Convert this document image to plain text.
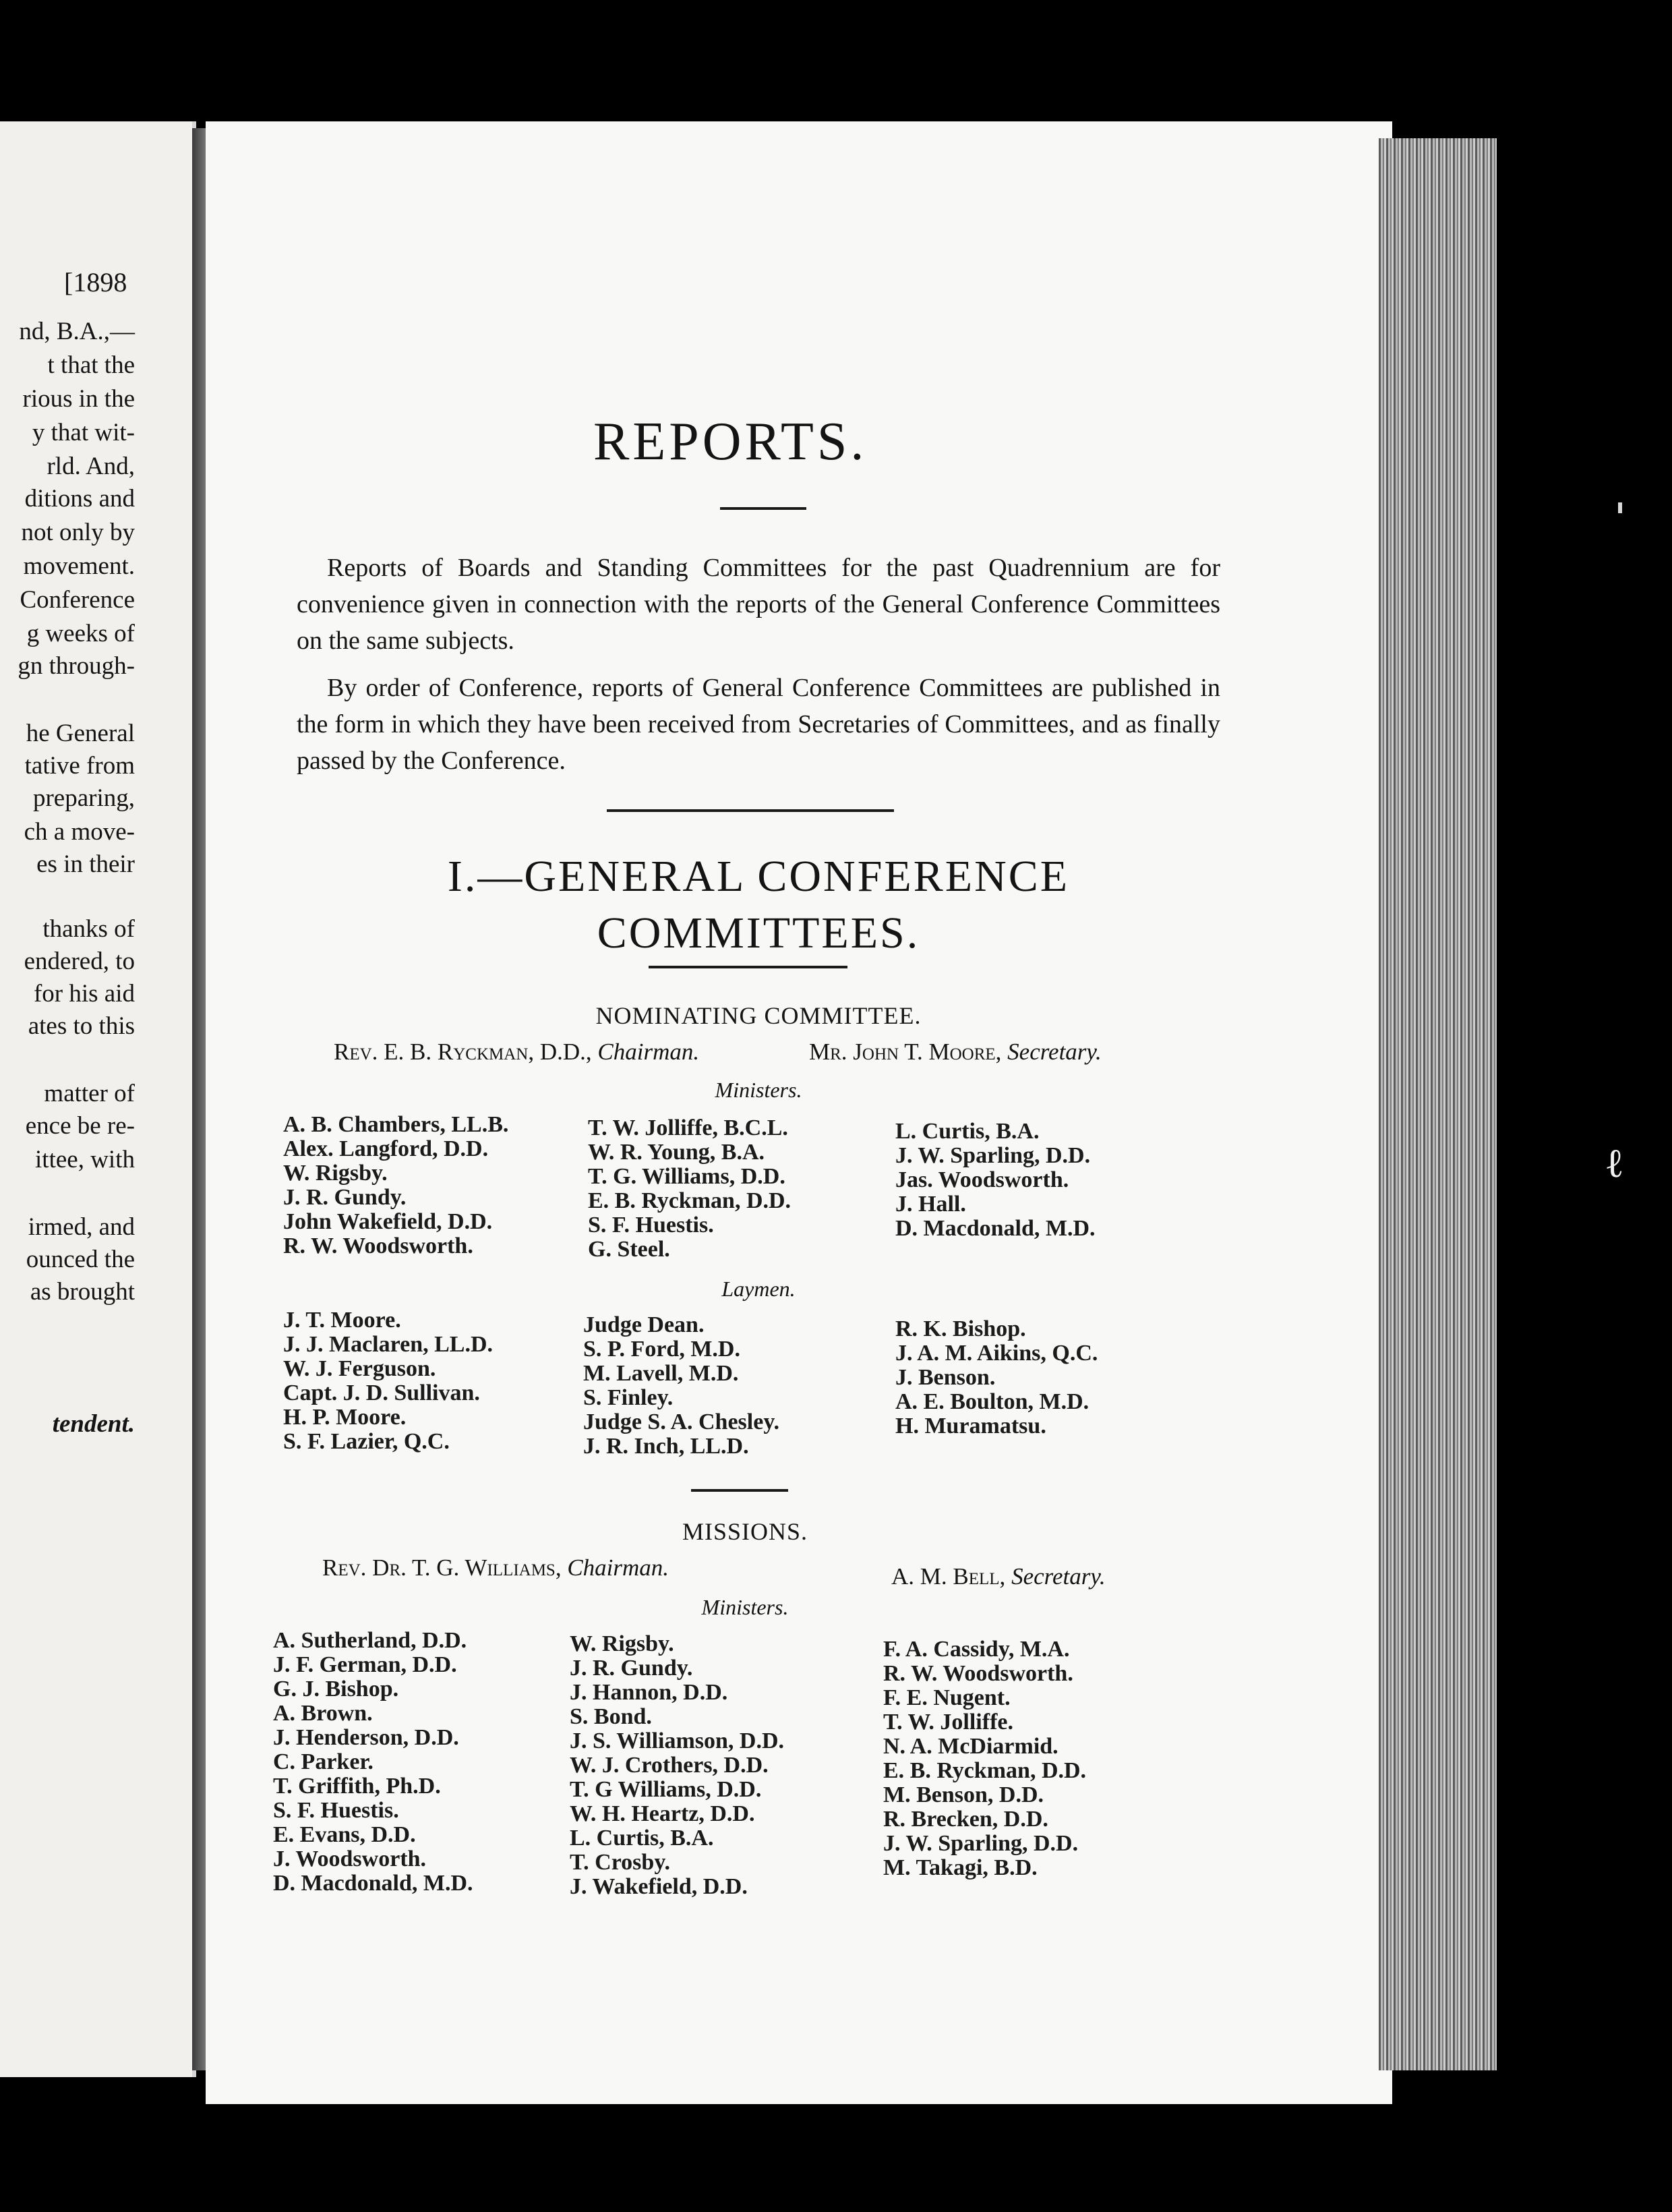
[1898
nd, B.A.,—
t that the
rious in the
y that wit-
rld. And,
ditions and
not only by
movement.
Conference
g weeks of
gn through-
he General
tative from
preparing,
ch a move-
es in their
thanks of
endered, to
for his aid
ates to this
matter of
ence be re-
ittee, with
irmed, and
ounced the
as brought
tendent.
ℓ
REPORTS.
Reports of Boards and Standing Committees for the past Quadrennium are for convenience given in connection with the reports of the General Conference Committees on the same subjects.
By order of Conference, reports of General Conference Committees are published in the form in which they have been received from Secretaries of Committees, and as finally passed by the Conference.
I.—GENERAL CONFERENCE
COMMITTEES.
NOMINATING COMMITTEE.
Rev. E. B. Ryckman, D.D., Chairman.	Mr. John T. Moore, Secretary.
Ministers.
A. B. Chambers, LL.B.
Alex. Langford, D.D.
W. Rigsby.
J. R. Gundy.
John Wakefield, D.D.
R. W. Woodsworth.
T. W. Jolliffe, B.C.L.
W. R. Young, B.A.
T. G. Williams, D.D.
E. B. Ryckman, D.D.
S. F. Huestis.
G. Steel.
L. Curtis, B.A.
J. W. Sparling, D.D.
Jas. Woodsworth.
J. Hall.
D. Macdonald, M.D.
Laymen.
J. T. Moore.
J. J. Maclaren, LL.D.
W. J. Ferguson.
Capt. J. D. Sullivan.
H. P. Moore.
S. F. Lazier, Q.C.
Judge Dean.
S. P. Ford, M.D.
M. Lavell, M.D.
S. Finley.
Judge S. A. Chesley.
J. R. Inch, LL.D.
R. K. Bishop.
J. A. M. Aikins, Q.C.
J. Benson.
A. E. Boulton, M.D.
H. Muramatsu.
MISSIONS.
Rev. Dr. T. G. Williams, Chairman.	A. M. Bell, Secretary.
Ministers.
A. Sutherland, D.D.
J. F. German, D.D.
G. J. Bishop.
A. Brown.
J. Henderson, D.D.
C. Parker.
T. Griffith, Ph.D.
S. F. Huestis.
E. Evans, D.D.
J. Woodsworth.
D. Macdonald, M.D.
W. Rigsby.
J. R. Gundy.
J. Hannon, D.D.
S. Bond.
J. S. Williamson, D.D.
W. J. Crothers, D.D.
T. G Williams, D.D.
W. H. Heartz, D.D.
L. Curtis, B.A.
T. Crosby.
J. Wakefield, D.D.
F. A. Cassidy, M.A.
R. W. Woodsworth.
F. E. Nugent.
T. W. Jolliffe.
N. A. McDiarmid.
E. B. Ryckman, D.D.
M. Benson, D.D.
R. Brecken, D.D.
J. W. Sparling, D.D.
M. Takagi, B.D.
